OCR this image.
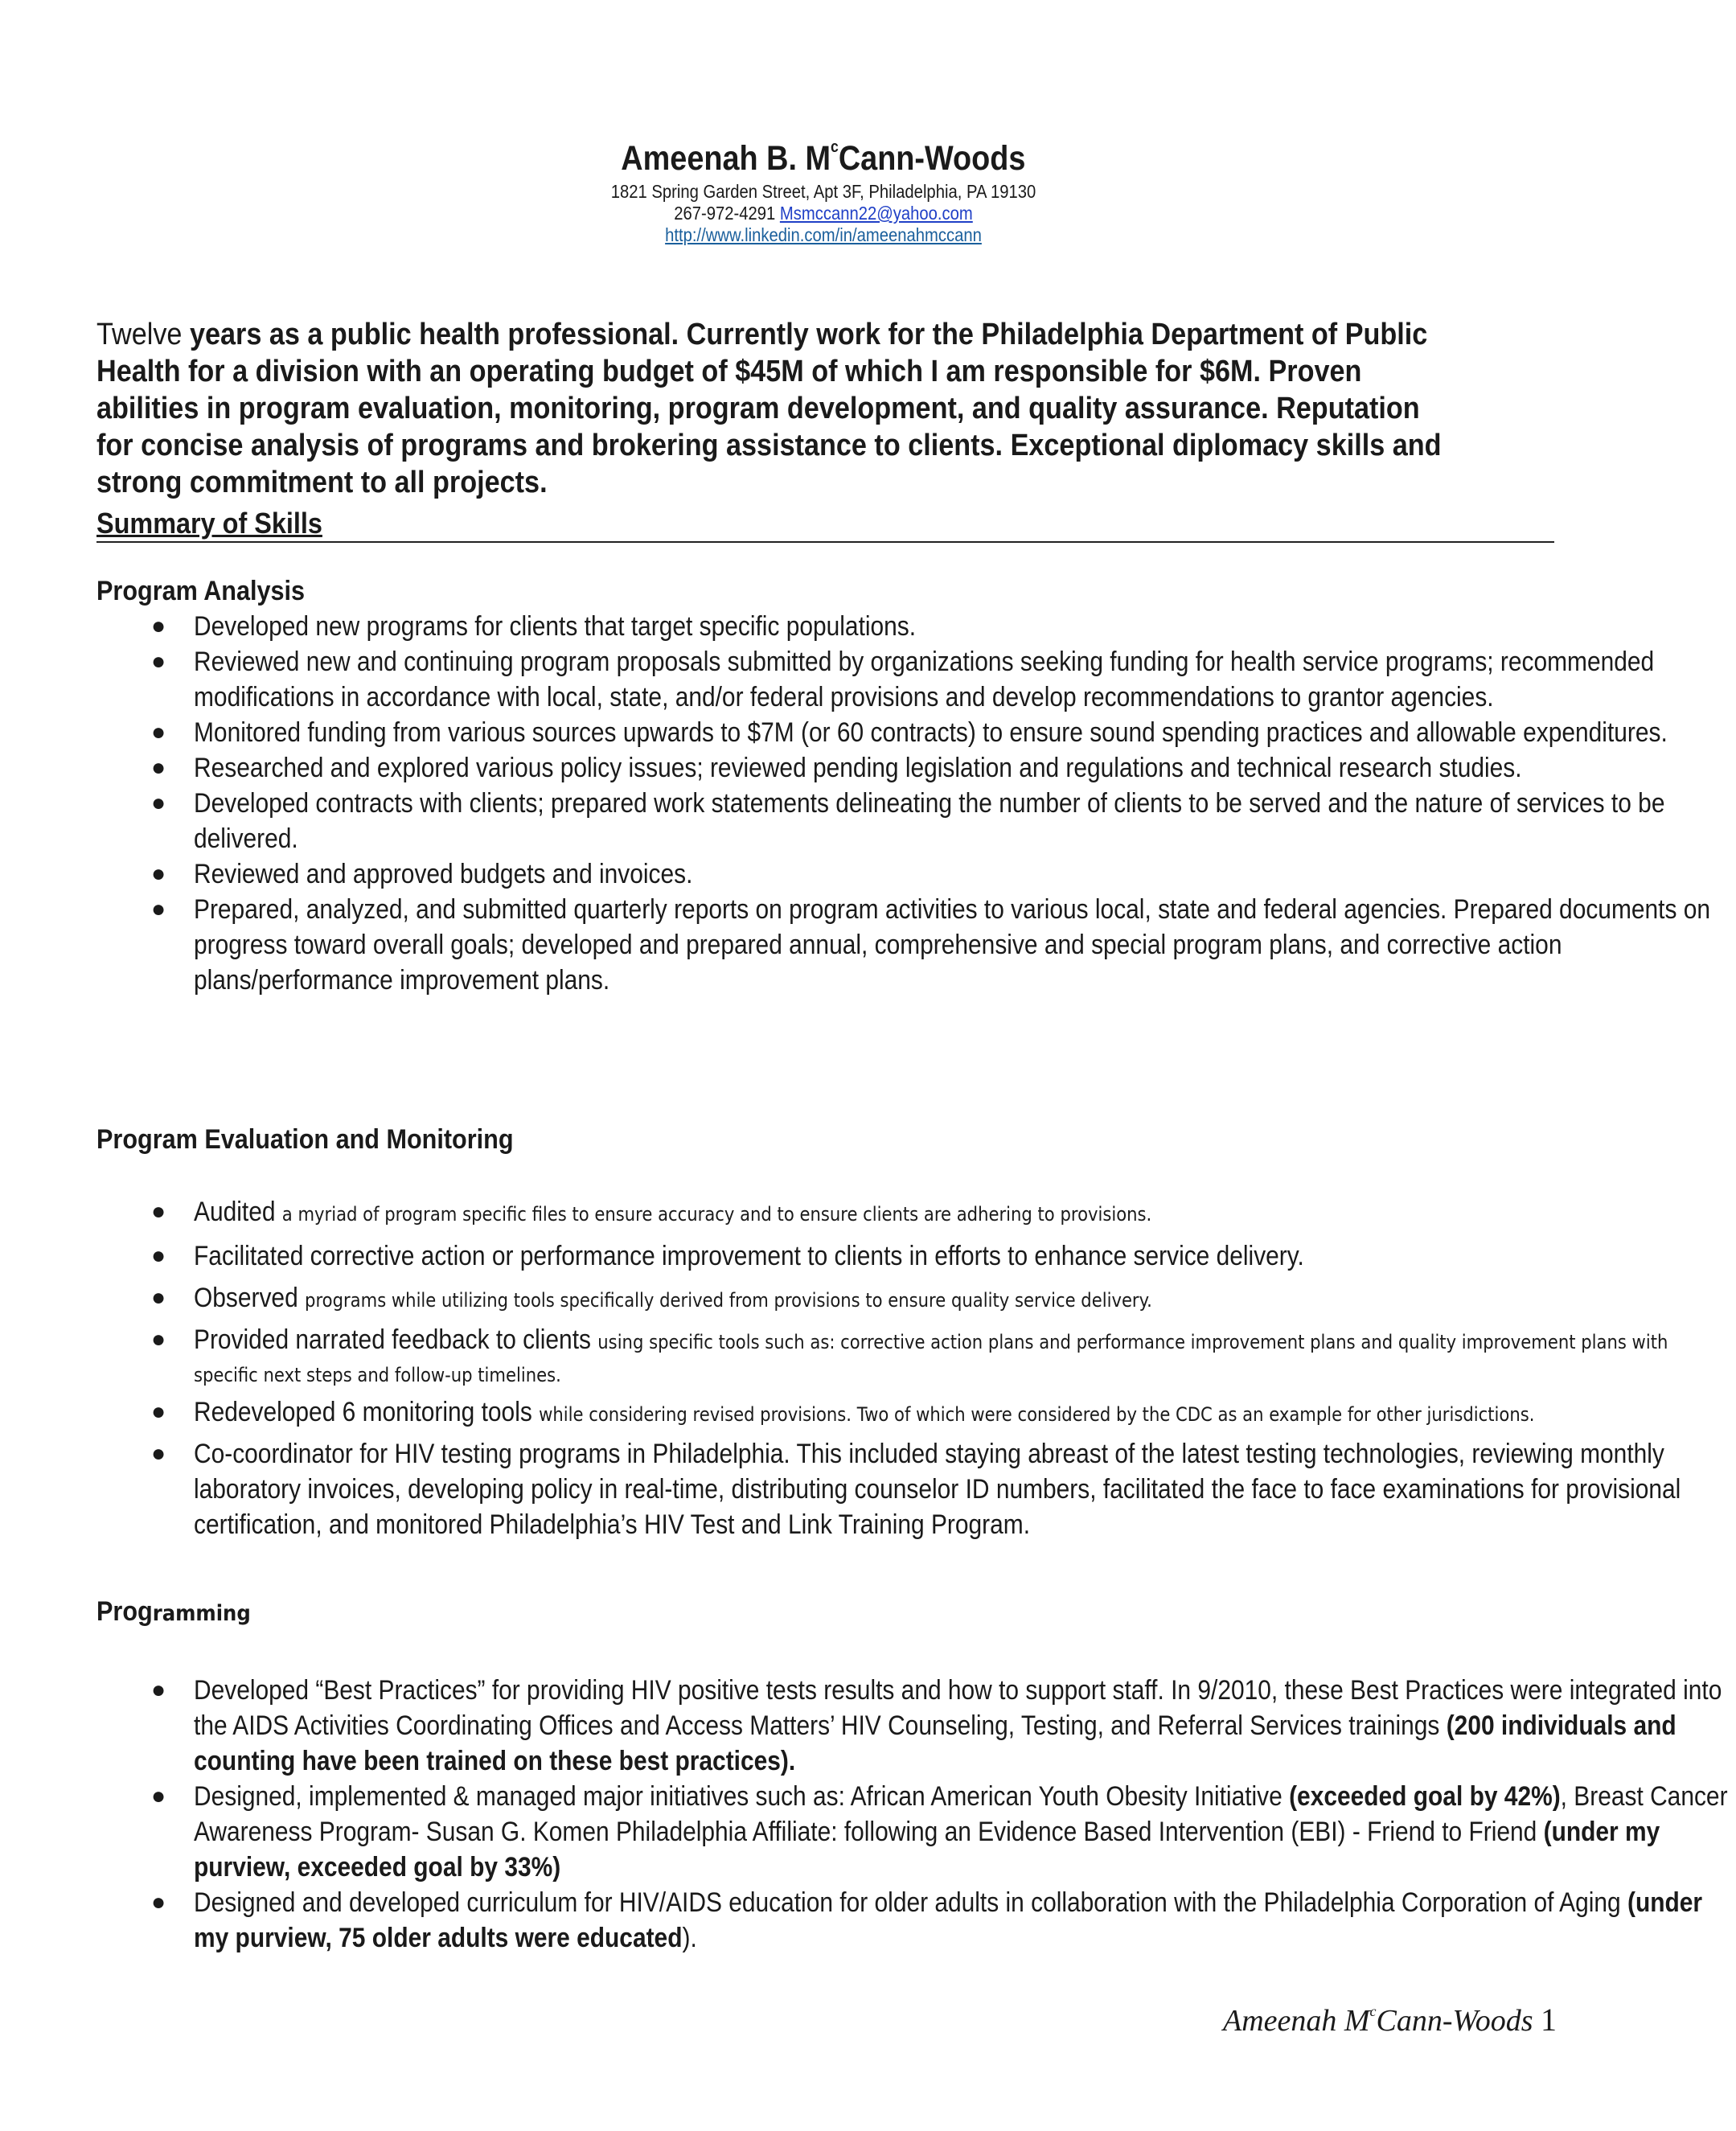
Ameenah B. $M^cCann$-Woods
1821 Spring Garden Street, Apt 3F, Philadelphia, PA 19130
267-972-4291 Msmccann22@yahoo.com
http://www.linkedin.com/in/ameenahmccann
Twelve years as a public health professional. Currently work for the Philadelphia Department of Public Health for a division with an operating budget of $45M of which I am responsible for $6M. Proven abilities in program evaluation, monitoring, program development, and quality assurance. Reputation for concise analysis of programs and brokering assistance to clients. Exceptional diplomacy skills and strong commitment to all projects.
Summary of Skills
Program Analysis
● Developed new programs for clients that target specific populations.
● Reviewed new and continuing program proposals submitted by organizations seeking funding for health service programs; recommended modifications in accordance with local, state, and/or federal provisions and develop recommendations to grantor agencies.
● Monitored funding from various sources upwards to $7M (or 60 contracts) to ensure sound spending practices and allowable expenditures.
● Researched and explored various policy issues; reviewed pending legislation and regulations and technical research studies.
● Developed contracts with clients; prepared work statements delineating the number of clients to be served and the nature of services to be delivered.
● Reviewed and approved budgets and invoices.
● Prepared, analyzed, and submitted quarterly reports on program activities to various local, state and federal agencies. Prepared documents on progress toward overall goals; developed and prepared annual, comprehensive and special program plans, and corrective action plans/performance improvement plans.
Program Evaluation and Monitoring
● Audited a myriad of program specific files to ensure accuracy and to ensure clients are adhering to provisions.
● Facilitated corrective action or performance improvement to clients in efforts to enhance service delivery.
● Observed programs while utilizing tools specifically derived from provisions to ensure quality service delivery.
● Provided narrated feedback to clients using specific tools such as: corrective action plans and performance improvement plans and quality improvement plans with specific next steps and follow-up timelines.
● Redeveloped 6 monitoring tools while considering revised provisions. Two of which were considered by the CDC as an example for other jurisdictions.
● Co-coordinator for HIV testing programs in Philadelphia. This included staying abreast of the latest testing technologies, reviewing monthly laboratory invoices, developing policy in real-time, distributing counselor ID numbers, facilitated the face to face examinations for provisional certification, and monitored Philadelphia’s HIV Test and Link Training Program.
Programming
● Developed “Best Practices” for providing HIV positive tests results and how to support staff. In 9/2010, these Best Practices were integrated into the AIDS Activities Coordinating Offices and Access Matters’ HIV Counseling, Testing, and Referral Services trainings (200 individuals and counting have been trained on these best practices).
● Designed, implemented & managed major initiatives such as: African American Youth Obesity Initiative (exceeded goal by 42%), Breast Cancer Awareness Program- Susan G. Komen Philadelphia Affiliate: following an Evidence Based Intervention (EBI) - Friend to Friend (under my purview, exceeded goal by 33%)
● Designed and developed curriculum for HIV/AIDS education for older adults in collaboration with the Philadelphia Corporation of Aging (under my purview, 75 older adults were educated).
Ameenah $M^cCann$-Woods 1
